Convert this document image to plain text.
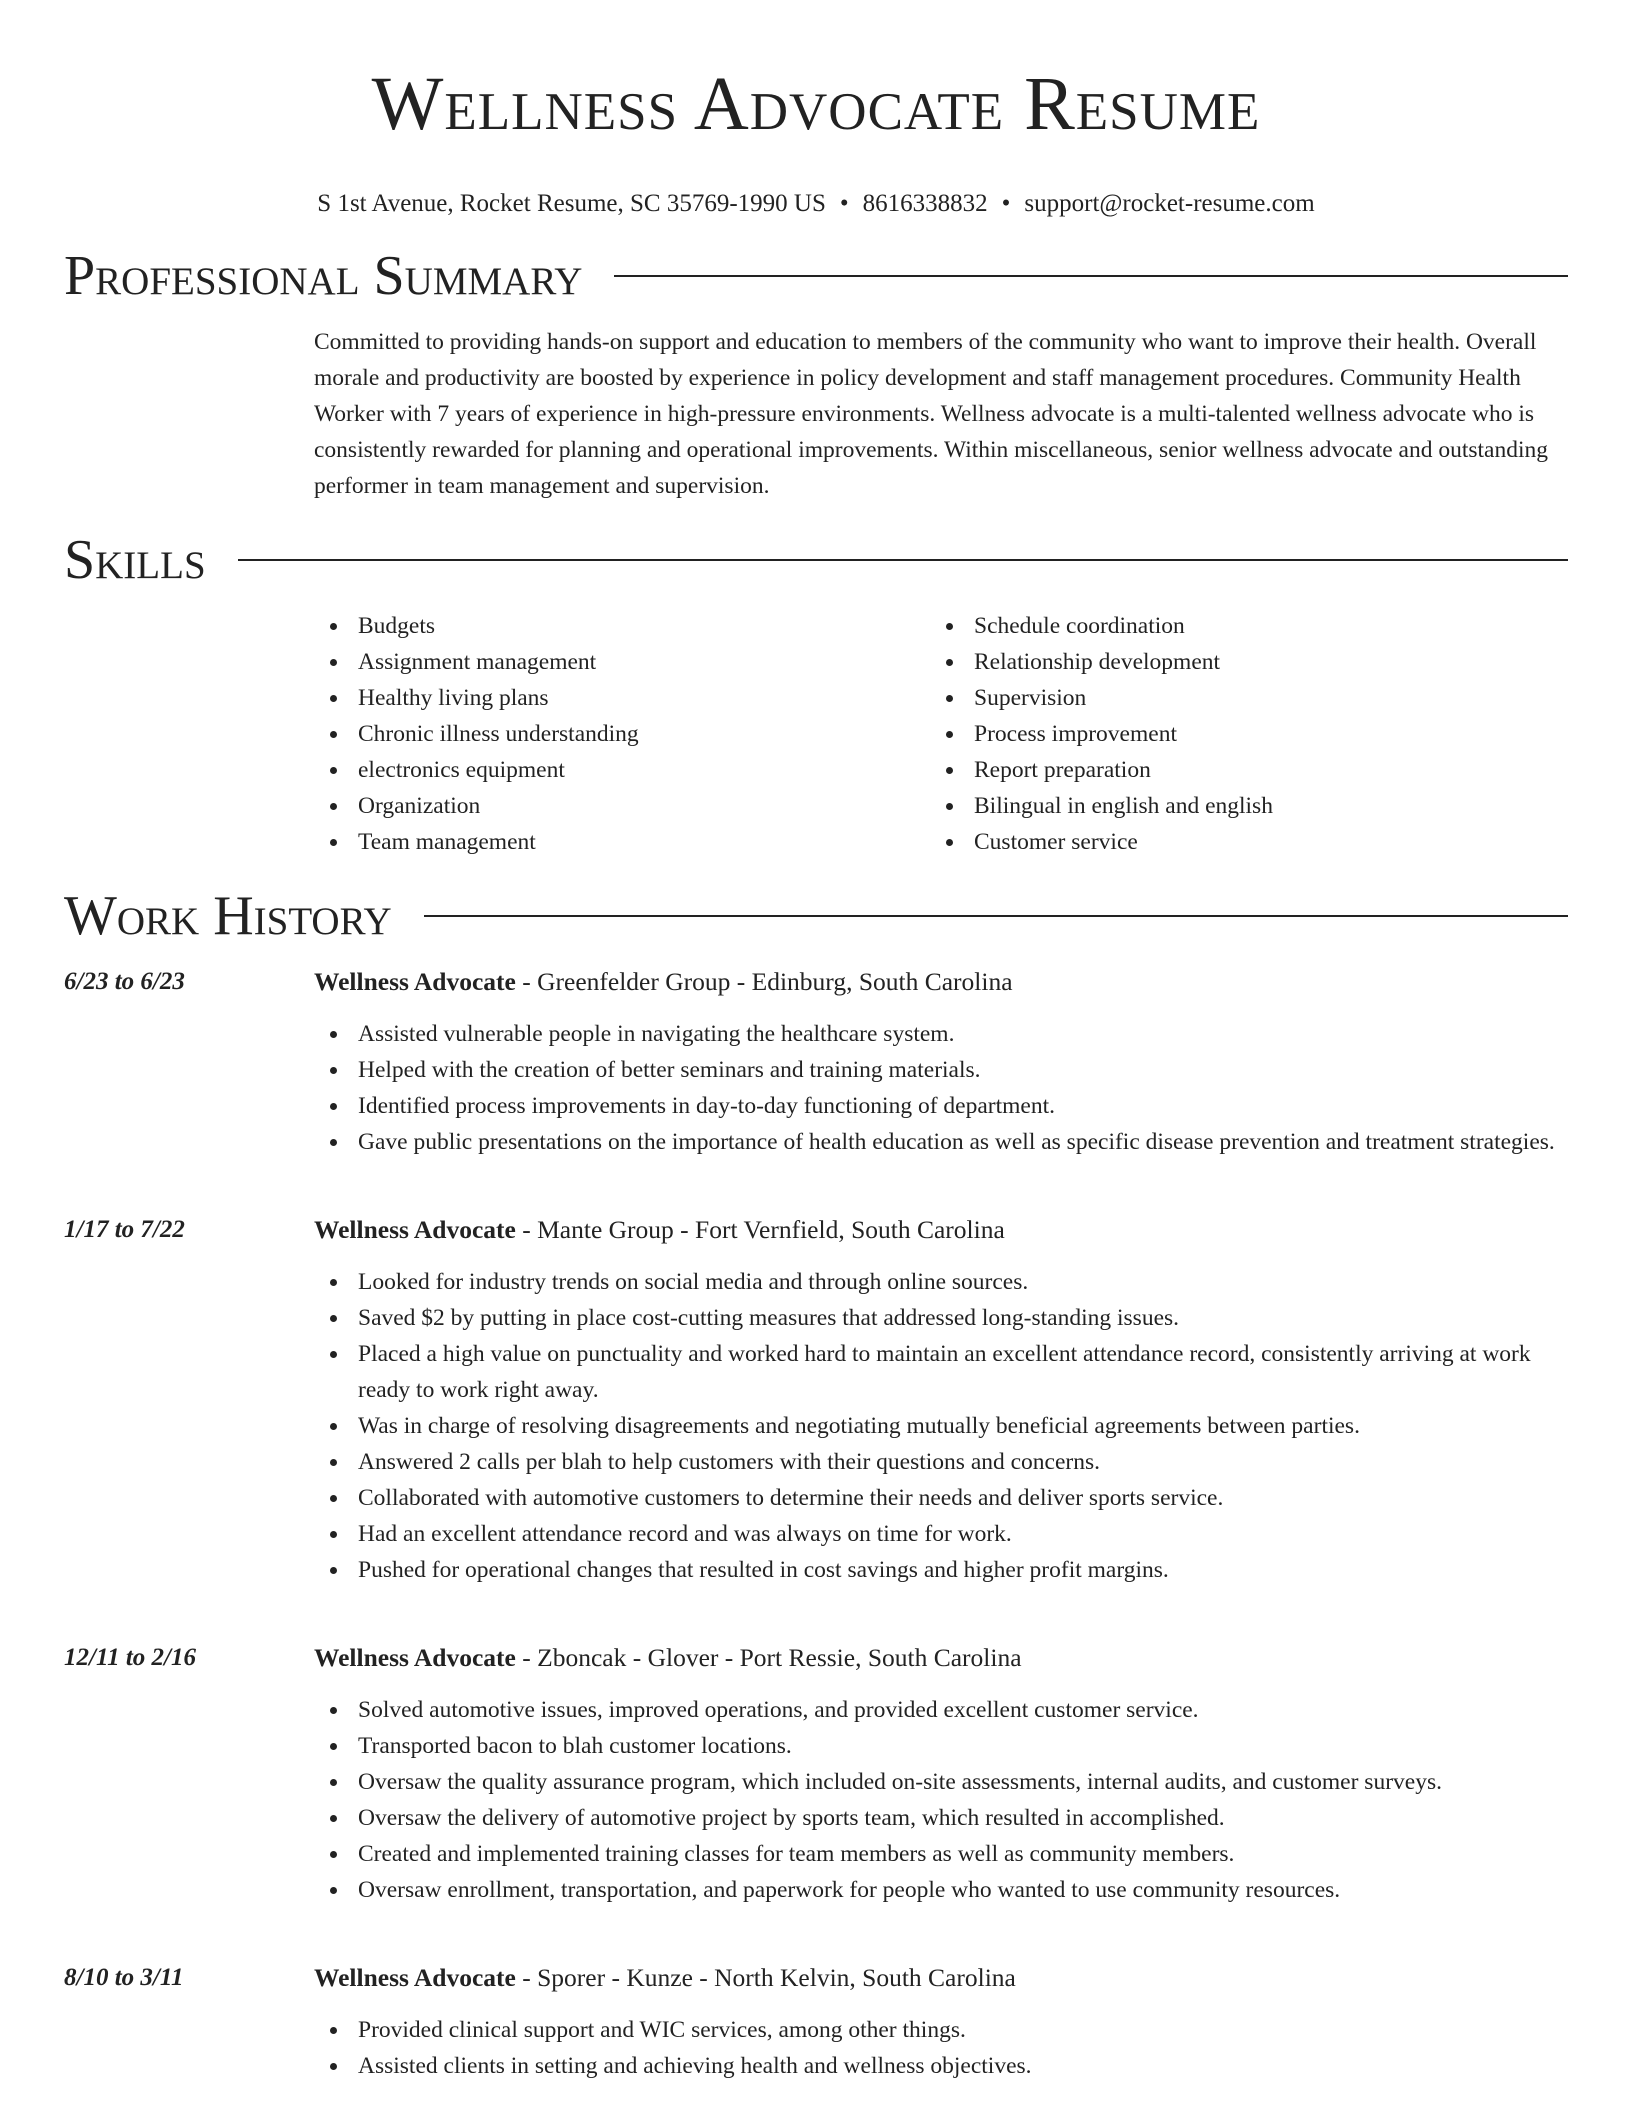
Wellness Advocate Resume
S 1st Avenue, Rocket Resume, SC 35769-1990 US • 8616338832 • support@rocket-resume.com
Professional Summary

Committed to providing hands-on support and education to members of the community who want to improve their health. Overall morale and productivity are boosted by experience in policy development and staff management procedures. Community Health Worker with 7 years of experience in high-pressure environments. Wellness advocate is a multi-talented wellness advocate who is consistently rewarded for planning and operational improvements. Within miscellaneous, senior wellness advocate and outstanding performer in team management and supervision.

Skills
Budgets
Assignment management
Healthy living plans
Chronic illness understanding
electronics equipment
Organization
Team management
Schedule coordination
Relationship development
Supervision
Process improvement
Report preparation
Bilingual in english and english
Customer service
Work History
6/23 to 6/23	Wellness Advocate - Greenfelder Group - Edinburg, South Carolina
Assisted vulnerable people in navigating the healthcare system.
Helped with the creation of better seminars and training materials.
Identified process improvements in day-to-day functioning of department.
Gave public presentations on the importance of health education as well as specific disease prevention and treatment strategies.
1/17 to 7/22	Wellness Advocate - Mante Group - Fort Vernfield, South Carolina
Looked for industry trends on social media and through online sources.
Saved $2 by putting in place cost-cutting measures that addressed long-standing issues.
Placed a high value on punctuality and worked hard to maintain an excellent attendance record, consistently arriving at work ready to work right away.
Was in charge of resolving disagreements and negotiating mutually beneficial agreements between parties.
Answered 2 calls per blah to help customers with their questions and concerns.
Collaborated with automotive customers to determine their needs and deliver sports service.
Had an excellent attendance record and was always on time for work.
Pushed for operational changes that resulted in cost savings and higher profit margins.
12/11 to 2/16	Wellness Advocate - Zboncak - Glover - Port Ressie, South Carolina
Solved automotive issues, improved operations, and provided excellent customer service.
Transported bacon to blah customer locations.
Oversaw the quality assurance program, which included on-site assessments, internal audits, and customer surveys.
Oversaw the delivery of automotive project by sports team, which resulted in accomplished.
Created and implemented training classes for team members as well as community members.
Oversaw enrollment, transportation, and paperwork for people who wanted to use community resources.
8/10 to 3/11	Wellness Advocate - Sporer - Kunze - North Kelvin, South Carolina
Provided clinical support and WIC services, among other things.
Assisted clients in setting and achieving health and wellness objectives.
